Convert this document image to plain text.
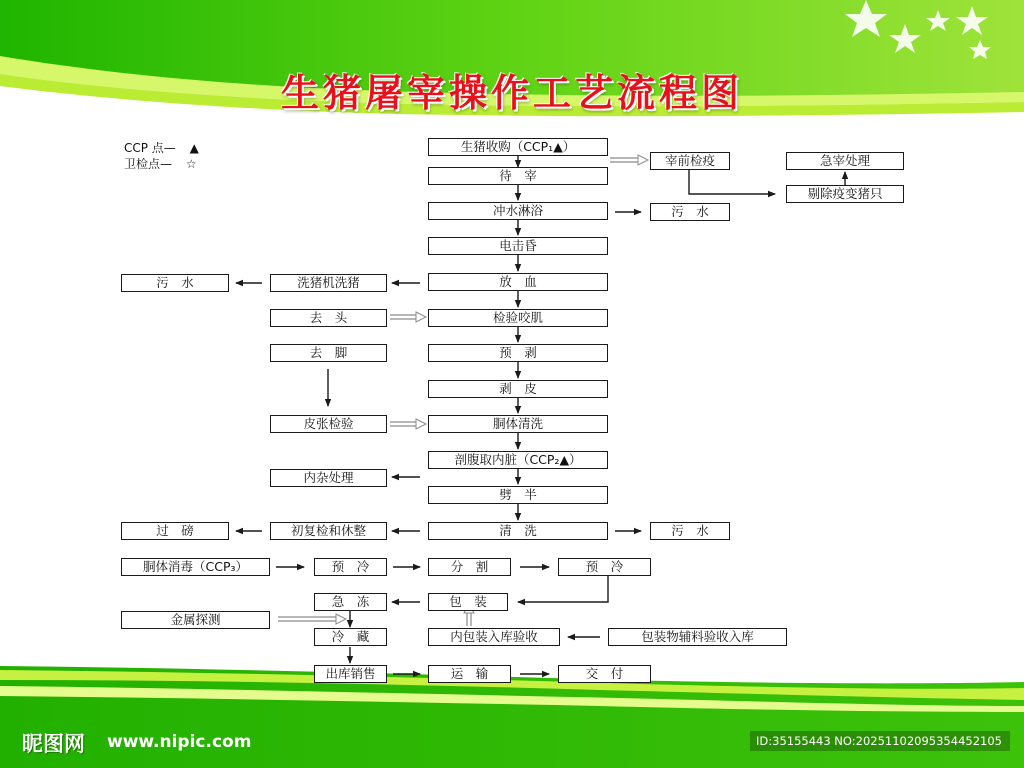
生猪屠宰操作工艺流程图
CCP 点— ▲
卫检点— ☆
生猪收购（CCP₁▲）
待　宰
冲水淋浴
电击昏
放　血
检验咬肌
预　剥
剥　皮
胴体清洗
剖腹取内脏（CCP₂▲）
劈　半
清　洗
宰前检疫
污　水
急宰处理
剔除疫变猪只
污　水
污　水	洗猪机洗猪
去　头
去　脚
皮张检验
内杂处理
初复检和休整
过　磅
胴体消毒（CCP₃）	预　冷	分　割	预　冷
包　装
急　冻
金属探测
冷　藏	内包装入库验收	包装物辅料验收入库
出库销售	运　输	交　付
昵图网 www.nipic.com	ID:35155443 NO:20251102095354452105
